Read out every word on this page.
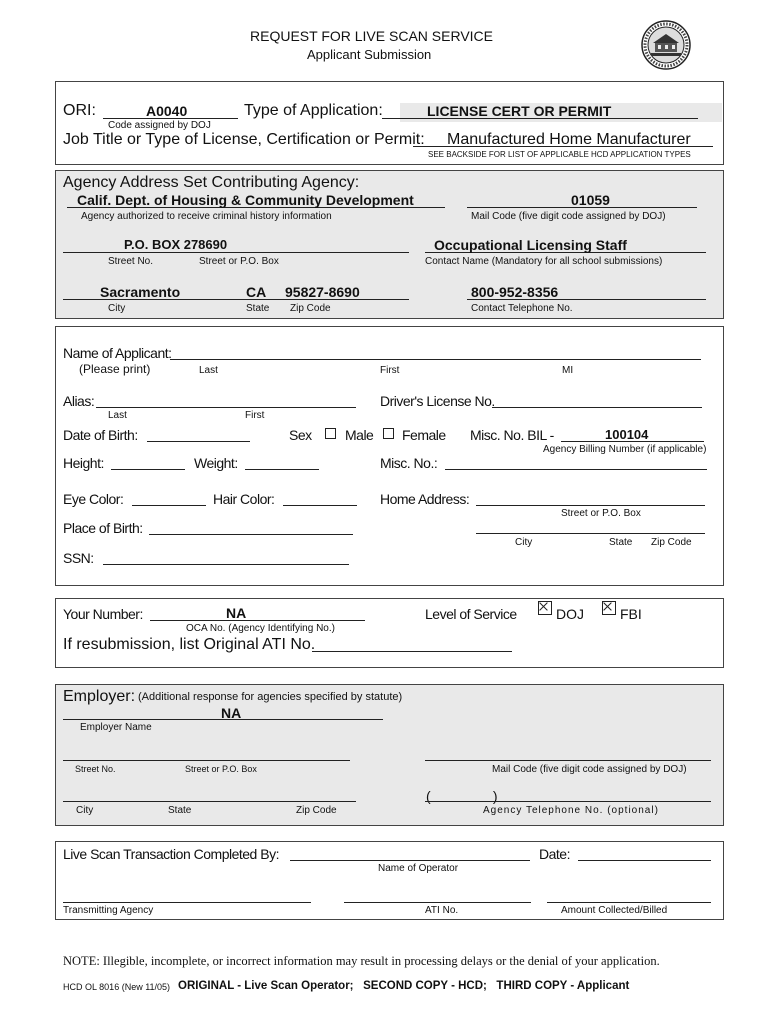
REQUEST FOR LIVE SCAN SERVICE
Applicant Submission
ORI:	A0040
Code assigned by DOJ
Type of Application:	LICENSE CERT OR PERMIT
Job Title or Type of License, Certification or Permit: Manufactured Home Manufacturer
SEE BACKSIDE FOR LIST OF APPLICABLE HCD APPLICATION TYPES
Agency Address Set Contributing Agency:
Calif. Dept. of Housing & Community Development
Agency authorized to receive criminal history information
01059
Mail Code (five digit code assigned by DOJ)
P.O. BOX 278690
Street No.	Street or P.O. Box
Occupational Licensing Staff
Contact Name (Mandatory for all school submissions)
Sacramento	CA 95827-8690
City	State Zip Code
800-952-8356
Contact Telephone No.
Name of Applicant:
(Please print)	Last	First	MI
Alias:
Last	First
Driver's License No.
Date of Birth:	Sex Male Female Misc. No. BIL -	100104
Agency Billing Number (if applicable)
Height:	Weight:	Misc. No.:
Eye Color:	Hair Color:	Home Address:
Street or P.O. Box
Place of Birth:
City	State Zip Code
SSN:
Your Number:	NA
OCA No. (Agency Identifying No.)
Level of Service	DOJ	FBI
If resubmission, list Original ATI No.
Employer: (Additional response for agencies specified by statute)
NA
Employer Name
Street No.	Street or P.O. Box	Mail Code (five digit code assigned by DOJ)
City	State	Zip Code
(                )
Agency Telephone No. (optional)
Live Scan Transaction Completed By:
Name of Operator
Date:
Transmitting Agency	ATI No.	Amount Collected/Billed
NOTE: Illegible, incomplete, or incorrect information may result in processing delays or the denial of your application.
HCD OL 8016 (New 11/05) ORIGINAL - Live Scan Operator;   SECOND COPY - HCD;   THIRD COPY - Applicant
